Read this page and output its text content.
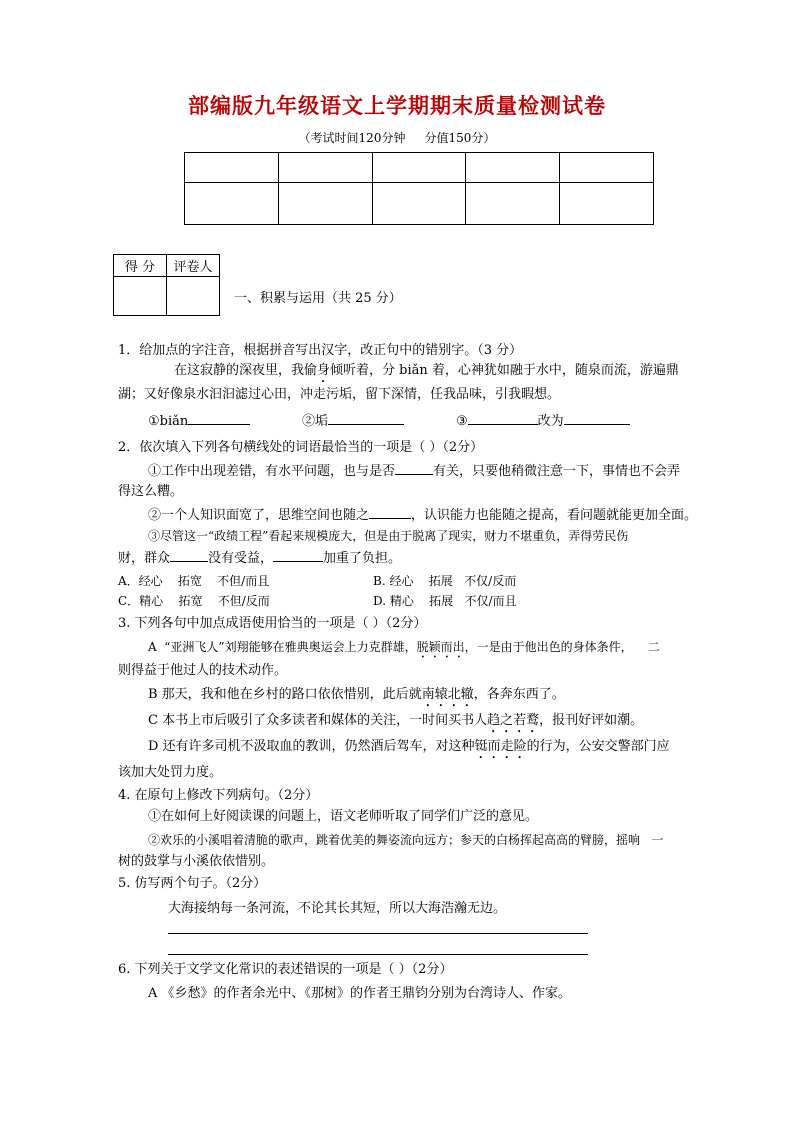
部编版九年级语文上学期期末质量检测试卷
（考试时间120分钟     分值150分）

得 分	评卷人

一、积累与运用（共 25 分）
1．给加点的字注音，根据拼音写出汉字，改正句中的错别字。（3 分）
在这寂静的深夜里，我偷身倾听着，分 biǎn 着，心神犹如融于水中，随泉而流，游遍鼎
湖；又好像泉水汩汩滤过心田，冲走污垢，留下深情，任我品味，引我暇想。
①biǎn	②垢	③	改为
2．依次填入下列各句横线处的词语最恰当的一项是（ ）（2分）
①工作中出现差错，有水平问题，也与是否	有关，只要他稍微注意一下，事情也不会弄
得这么糟。
②一个人知识面宽了，思维空间也随之	，认识能力也能随之提高，看问题就能更加全面。
③尽管这一“政绩工程”看起来规模庞大，但是由于脱离了现实，财力不堪重负，弄得劳民伤
财，群众	没有受益，	加重了负担。
A．经心    拓宽    不但/而且	B. 经心    拓展   不仅/反而
C．精心    拓宽    不但/反而	D. 精心    拓展   不仅/而且
3. 下列各句中加点成语使用恰当的一项是（ ）（2分）
A  “亚洲飞人”刘翔能够在雅典奥运会上力克群雄，脱颖而出，一是由于他出色的身体条件，    二
则得益于他过人的技术动作。
B 那天，我和他在乡村的路口依依惜别，此后就南辕北辙，各奔东西了。
C 本书上市后吸引了众多读者和媒体的关注，一时间买书人趋之若鹜，报刊好评如潮。
D 还有许多司机不汲取血的教训，仍然酒后驾车，对这种铤而走险的行为，公安交警部门应
该加大处罚力度。
4. 在原句上修改下列病句。（2分）
①在如何上好阅读课的问题上，语文老师听取了同学们广泛的意见。
②欢乐的小溪唱着清脆的歌声，跳着优美的舞姿流向远方；参天的白杨挥起高高的臂膀，摇响   一
树的鼓掌与小溪依依惜别。
5. 仿写两个句子。（2分）
大海接纳每一条河流，不论其长其短，所以大海浩瀚无边。
6. 下列关于文学文化常识的表述错误的一项是（ ）（2分）
A 《乡愁》的作者余光中、《那树》的作者王鼎钧分别为台湾诗人、作家。
